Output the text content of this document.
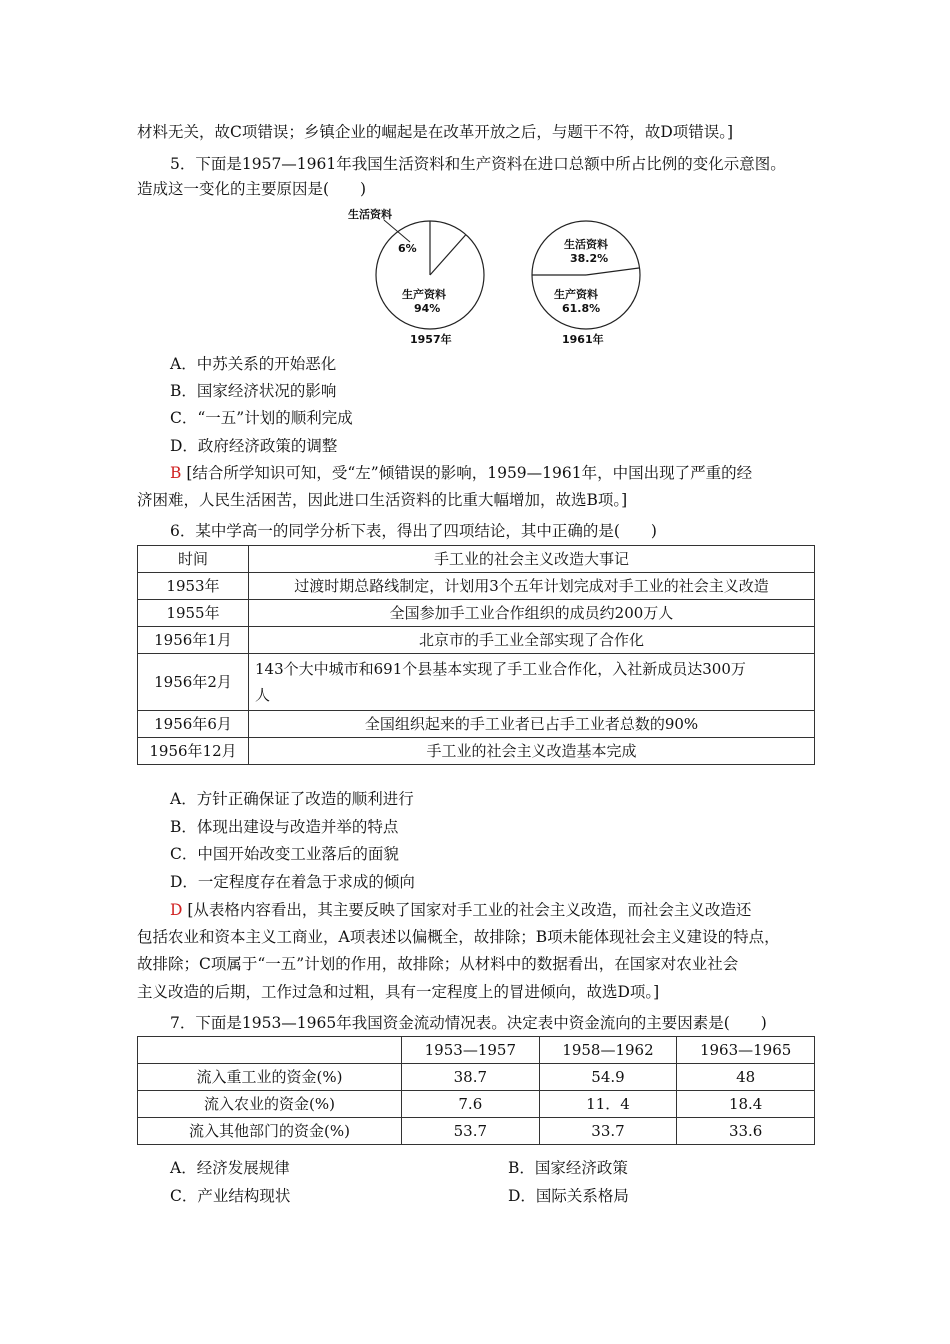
材料无关，故C项错误；乡镇企业的崛起是在改革开放之后，与题干不符，故D项错误。]
5．下面是1957—1961年我国生活资料和生产资料在进口总额中所占比例的变化示意图。
造成这一变化的主要原因是(　　)
生活资料
6%
生产资料
94%
1957年
生活资料
38.2%
生产资料
61.8%
1961年
A．中苏关系的开始恶化
B．国家经济状况的影响
C．“一五”计划的顺利完成
D．政府经济政策的调整
B [结合所学知识可知，受“左”倾错误的影响，1959—1961年，中国出现了严重的经
济困难，人民生活困苦，因此进口生活资料的比重大幅增加，故选B项。]
6．某中学高一的同学分析下表，得出了四项结论，其中正确的是(　　)
时间	手工业的社会主义改造大事记
1953年	过渡时期总路线制定，计划用3个五年计划完成对手工业的社会主义改造
1955年	全国参加手工业合作组织的成员约200万人
1956年1月	北京市的手工业全部实现了合作化
1956年2月	143个大中城市和691个县基本实现了手工业合作化，入社新成员达300万
人

1956年6月	全国组织起来的手工业者已占手工业者总数的90%
1956年12月	手工业的社会主义改造基本完成
A．方针正确保证了改造的顺利进行
B．体现出建设与改造并举的特点
C．中国开始改变工业落后的面貌
D．一定程度存在着急于求成的倾向
D [从表格内容看出，其主要反映了国家对手工业的社会主义改造，而社会主义改造还
包括农业和资本主义工商业，A项表述以偏概全，故排除；B项未能体现社会主义建设的特点，
故排除；C项属于“一五”计划的作用，故排除；从材料中的数据看出，在国家对农业社会
主义改造的后期，工作过急和过粗，具有一定程度上的冒进倾向，故选D项。]
7．下面是1953—1965年我国资金流动情况表。决定表中资金流向的主要因素是(　　)
	1953—1957	1958—1962	1963—1965
流入重工业的资金(%)	38.7	54.9	48
流入农业的资金(%)	7.6	11．4	18.4
流入其他部门的资金(%)	53.7	33.7	33.6
A．经济发展规律	B．国家经济政策
C．产业结构现状	D．国际关系格局
